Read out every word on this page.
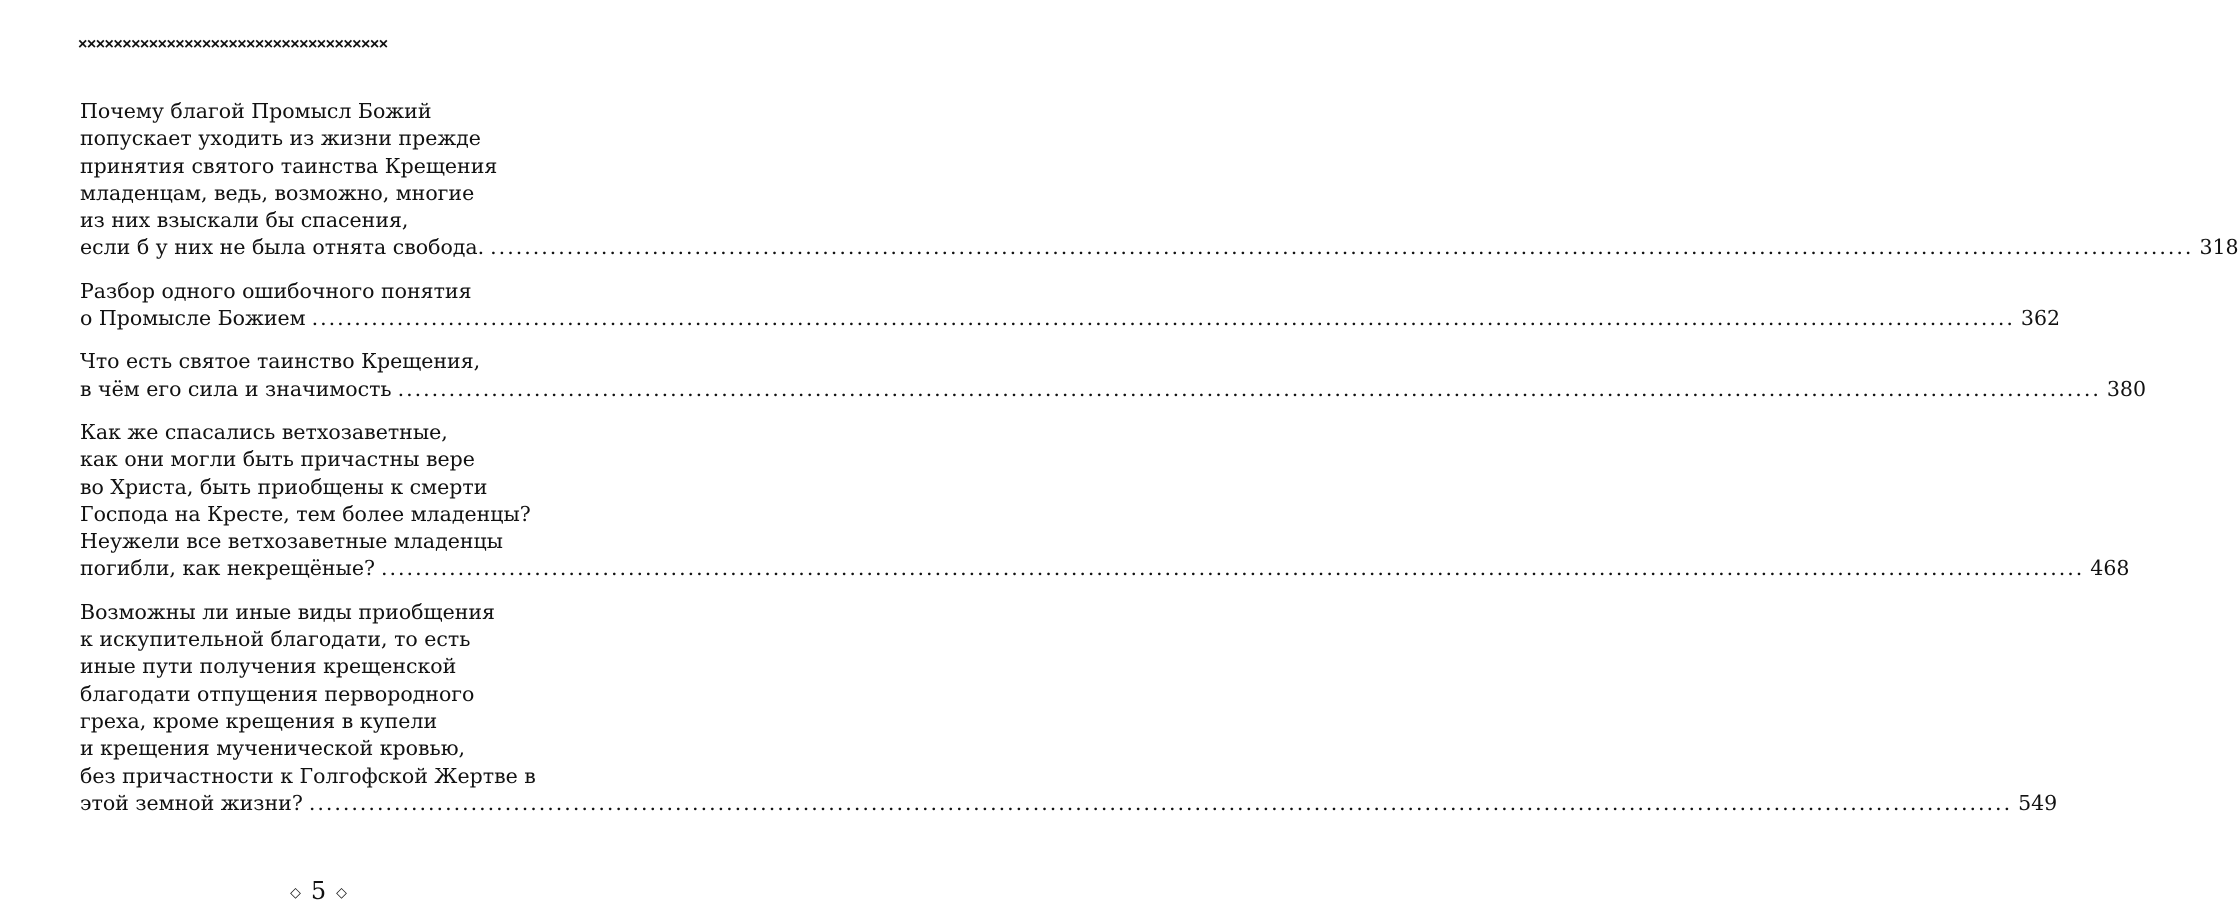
×××××××××××××××××××××××××××××××××××
Почему благой Промысл Божий
попускает уходить из жизни прежде
принятия святого таинства Крещения
младенцам, ведь, возможно, многие
из них взыскали бы спасения,
если б у них не была отнята свобода. ........................................................................................................................................................................................................ 318
Разбор одного ошибочного понятия
о Промысле Божием ........................................................................................................................................................................................................ 362
Что есть святое таинство Крещения,
в чём его сила и значимость ........................................................................................................................................................................................................ 380
Как же спасались ветхозаветные,
как они могли быть причастны вере
во Христа, быть приобщены к смерти
Господа на Кресте, тем более младенцы?
Неужели все ветхозаветные младенцы
погибли, как некрещёные? ........................................................................................................................................................................................................ 468
Возможны ли иные виды приобщения
к искупительной благодати, то есть
иные пути получения крещенской
благодати отпущения первородного
греха, кроме крещения в купели
и крещения мученической кровью,
без причастности к Голгофской Жертве в
этой земной жизни? ........................................................................................................................................................................................................ 549
◇ 5 ◇
